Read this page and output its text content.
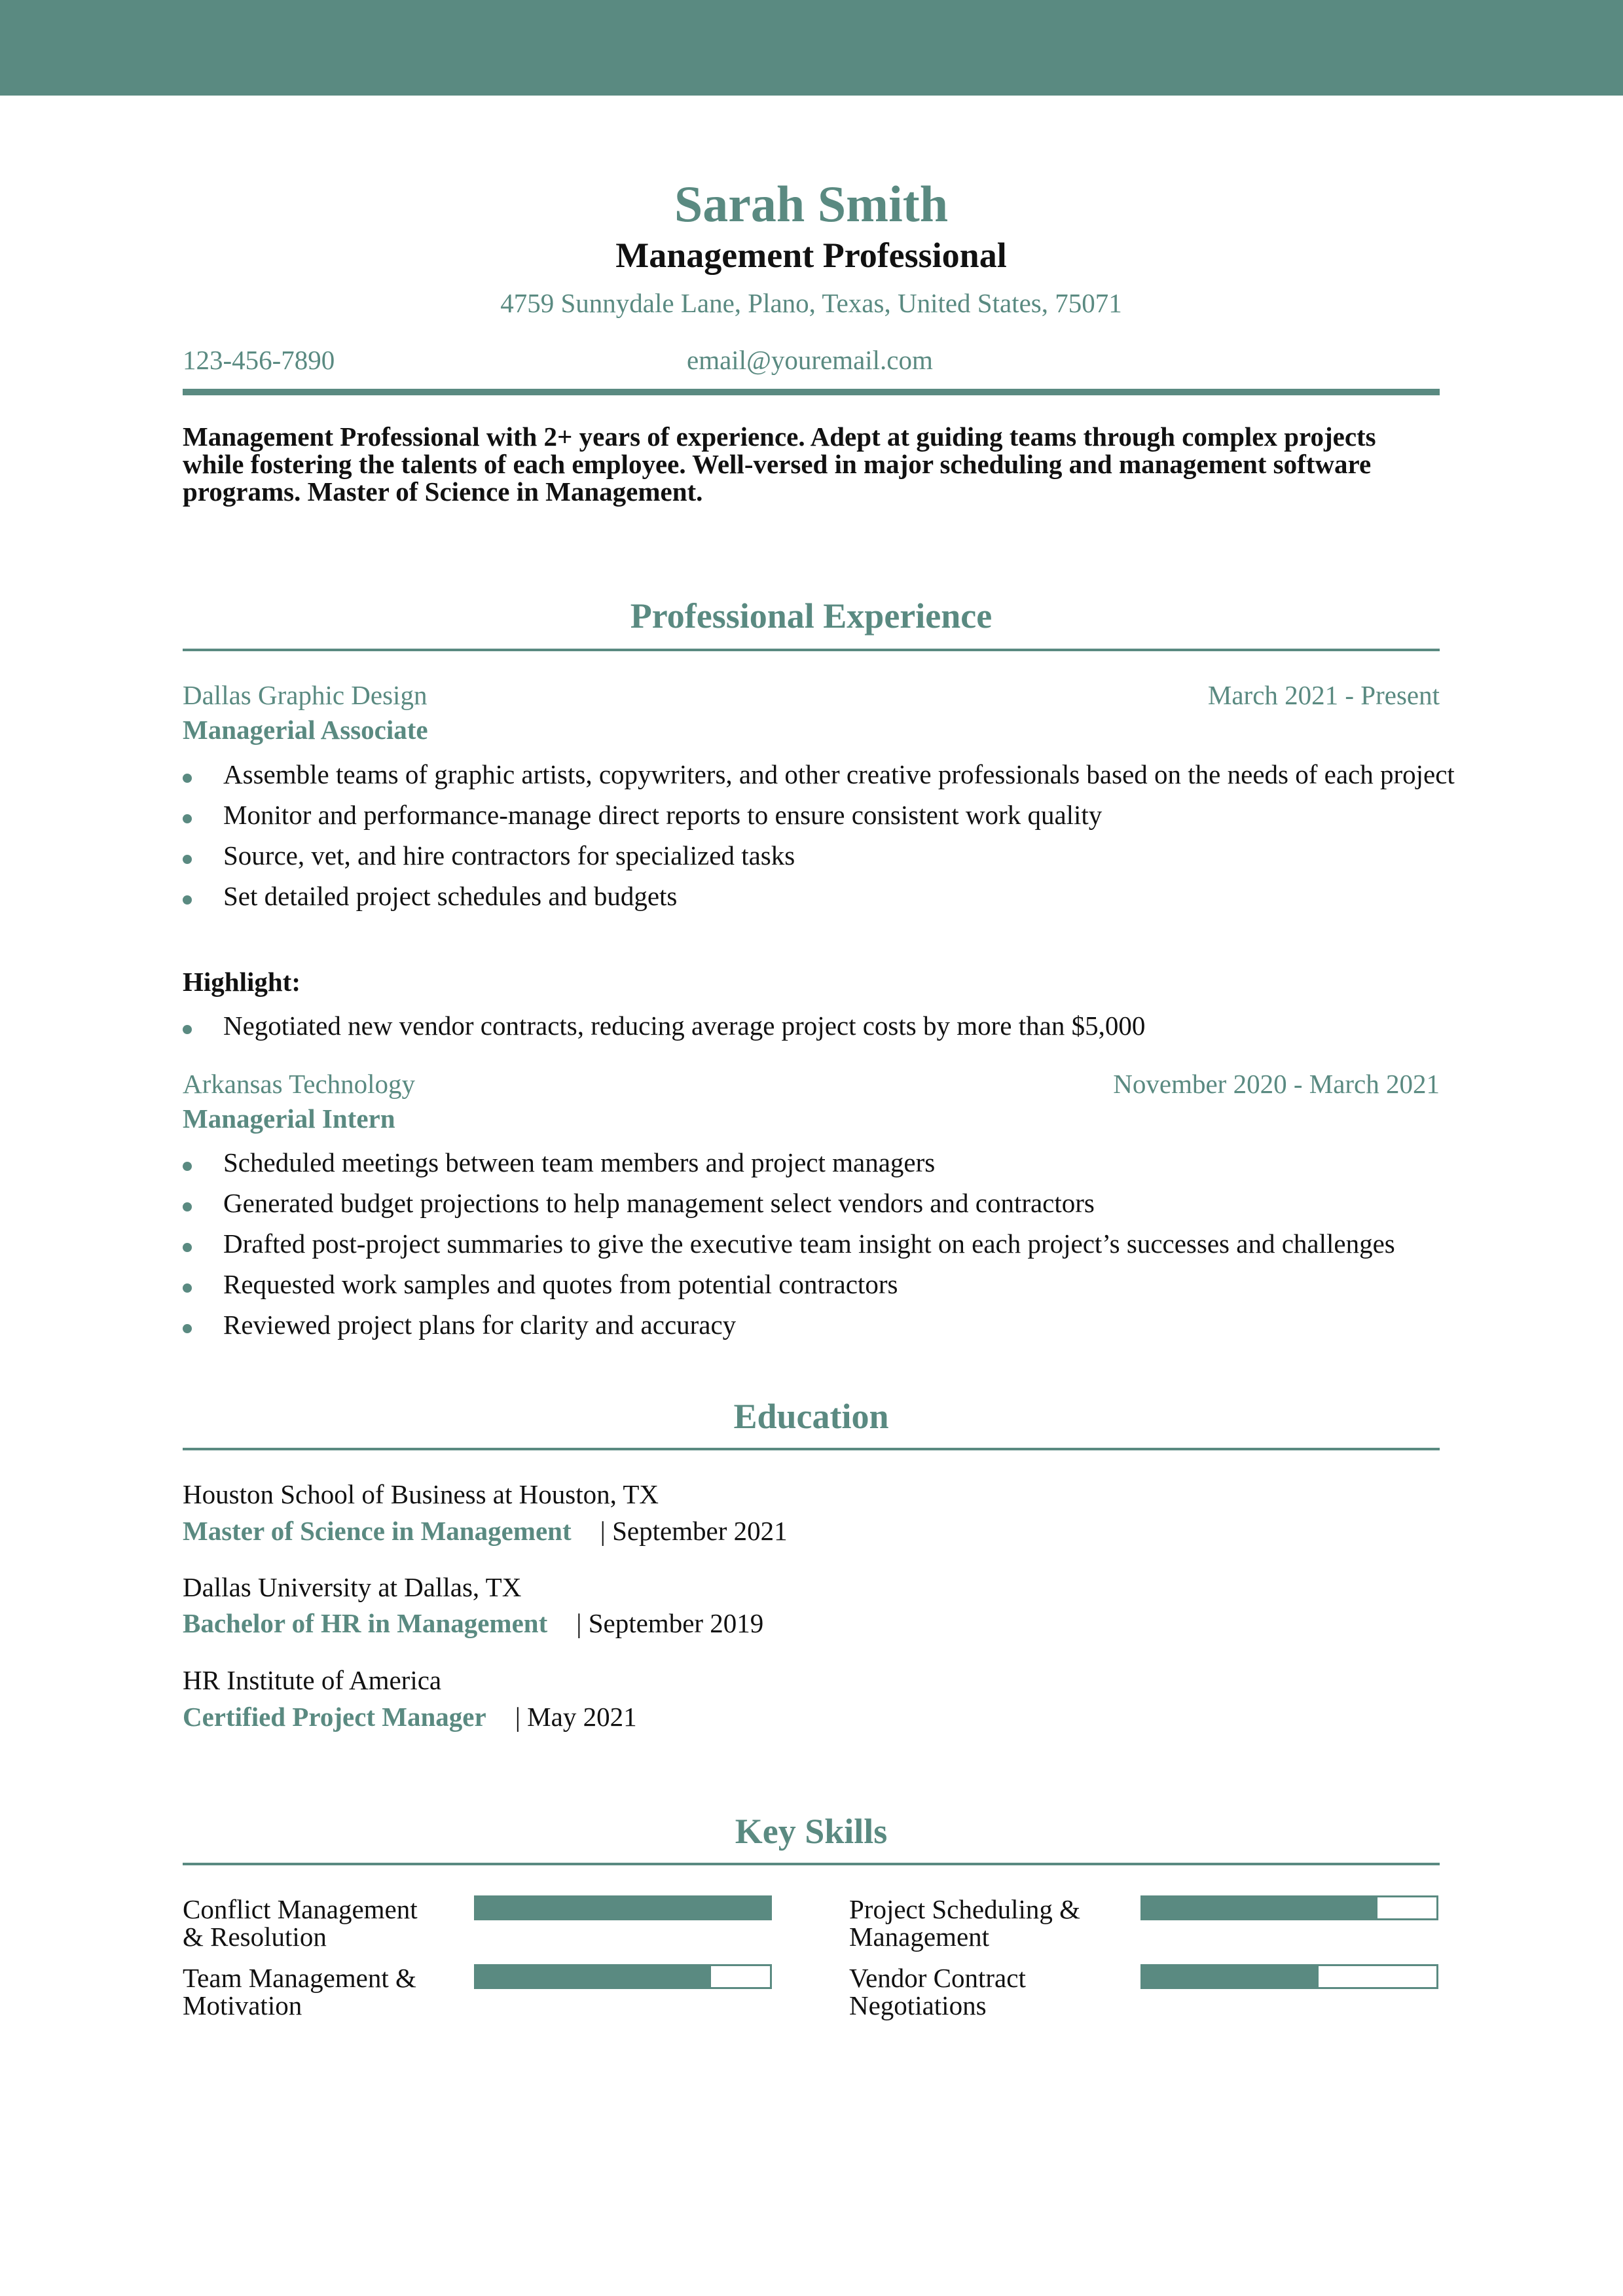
Sarah Smith
Management Professional
4759 Sunnydale Lane, Plano, Texas, United States, 75071
123-456-7890	email@youremail.com
Management Professional with 2+ years of experience. Adept at guiding teams through complex projects while fostering the talents of each employee. Well-versed in major scheduling and management software programs. Master of Science in Management.
Professional Experience
Dallas Graphic Design	March 2021 - Present
Managerial Associate
Assemble teams of graphic artists, copywriters, and other creative professionals based on the needs of each project
Monitor and performance-manage direct reports to ensure consistent work quality
Source, vet, and hire contractors for specialized tasks
Set detailed project schedules and budgets
Highlight:
Negotiated new vendor contracts, reducing average project costs by more than $5,000
Arkansas Technology	November 2020 - March 2021
Managerial Intern
Scheduled meetings between team members and project managers
Generated budget projections to help management select vendors and contractors
Drafted post-project summaries to give the executive team insight on each project’s successes and challenges
Requested work samples and quotes from potential contractors
Reviewed project plans for clarity and accuracy
Education
Houston School of Business at Houston, TX
Master of Science in Management | September 2021
Dallas University at Dallas, TX
Bachelor of HR in Management | September 2019
HR Institute of America
Certified Project Manager | May 2021
Key Skills
Conflict Management
& Resolution
Project Scheduling &
Management
Team Management &
Motivation
Vendor Contract
Negotiations
